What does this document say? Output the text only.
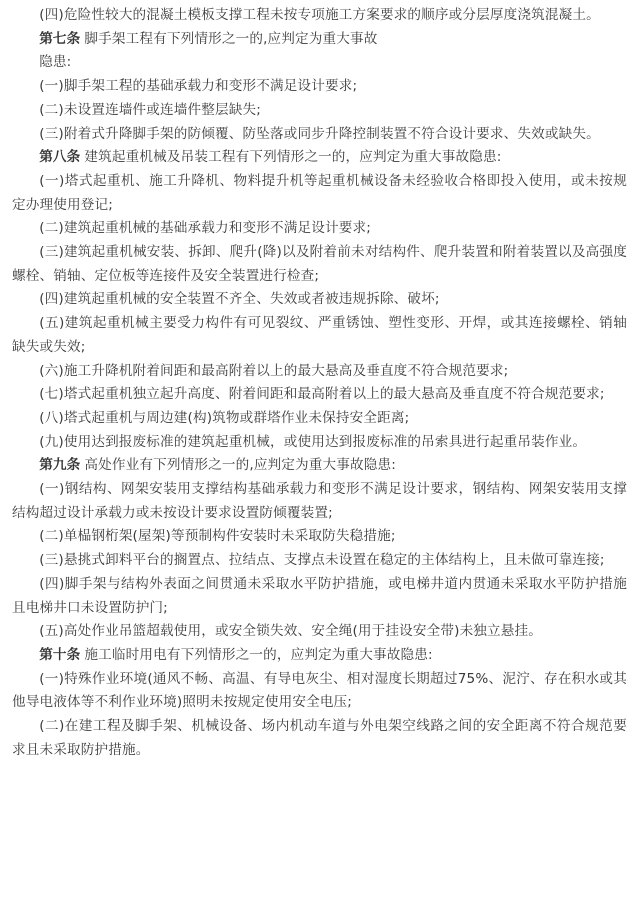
(四)危险性较大的混凝土模板支撑工程未按专项施工方案要求的顺序或分层厚度浇筑混凝土。

第七条 脚手架工程有下列情形之一的,应判定为重大事故

隐患:

(一)脚手架工程的基础承载力和变形不满足设计要求;

(二)未设置连墙件或连墙件整层缺失;

(三)附着式升降脚手架的防倾覆、防坠落或同步升降控制装置不符合设计要求、失效或缺失。

第八条 建筑起重机械及吊装工程有下列情形之一的，应判定为重大事故隐患:

(一)塔式起重机、施工升降机、物料提升机等起重机械设备未经验收合格即投入使用，或未按规定办理使用登记;

(二)建筑起重机械的基础承载力和变形不满足设计要求;

(三)建筑起重机械安装、拆卸、爬升(降)以及附着前未对结构件、爬升装置和附着装置以及高强度螺栓、销轴、定位板等连接件及安全装置进行检查;

(四)建筑起重机械的安全装置不齐全、失效或者被违规拆除、破坏;

(五)建筑起重机械主要受力构件有可见裂纹、严重锈蚀、塑性变形、开焊，或其连接螺栓、销轴缺失或失效;

(六)施工升降机附着间距和最高附着以上的最大悬高及垂直度不符合规范要求;

(七)塔式起重机独立起升高度、附着间距和最高附着以上的最大悬高及垂直度不符合规范要求;

(八)塔式起重机与周边建(构)筑物或群塔作业未保持安全距离;

(九)使用达到报废标准的建筑起重机械，或使用达到报废标准的吊索具进行起重吊装作业。

第九条 高处作业有下列情形之一的,应判定为重大事故隐患:

(一)钢结构、网架安装用支撑结构基础承载力和变形不满足设计要求，钢结构、网架安装用支撑结构超过设计承载力或未按设计要求设置防倾覆装置;

(二)单榀钢桁架(屋架)等预制构件安装时未采取防失稳措施;

(三)悬挑式卸料平台的搁置点、拉结点、支撑点未设置在稳定的主体结构上，且未做可靠连接;

(四)脚手架与结构外表面之间贯通未采取水平防护措施，或电梯井道内贯通未采取水平防护措施且电梯井口未设置防护门;

(五)高处作业吊篮超载使用，或安全锁失效、安全绳(用于挂设安全带)未独立悬挂。

第十条 施工临时用电有下列情形之一的，应判定为重大事故隐患:

(一)特殊作业环境(通风不畅、高温、有导电灰尘、相对湿度长期超过75%、泥泞、存在积水或其他导电液体等不利作业环境)照明未按规定使用安全电压;

(二)在建工程及脚手架、机械设备、场内机动车道与外电架空线路之间的安全距离不符合规范要求且未采取防护措施。
